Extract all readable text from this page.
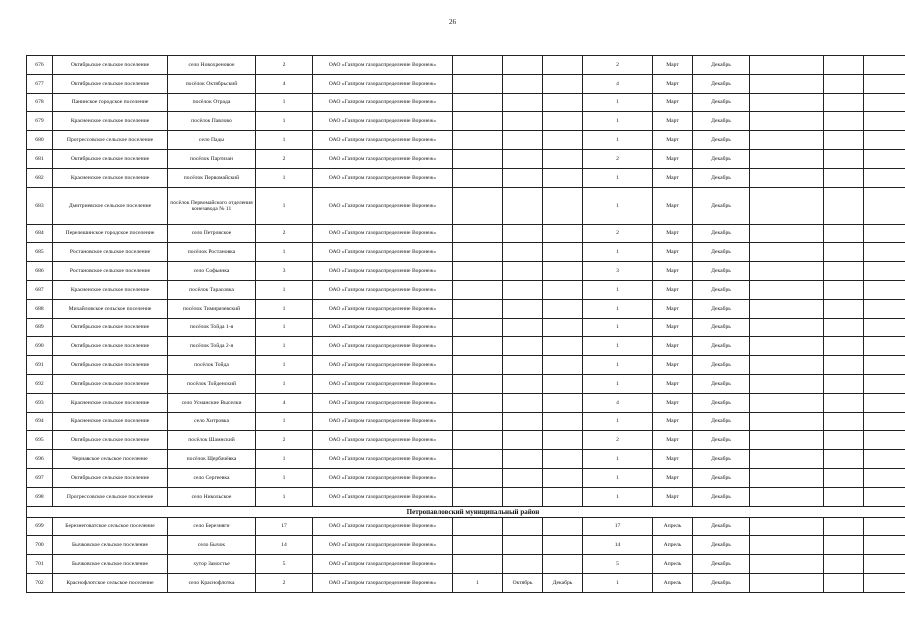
26
676	Октябрьское сельское поселение	село Новохреновое	2	ОАО «Газпром газораспределение Воронеж»				2	Март	Декабрь			
677	Октябрьское сельское поселение	посёлок Октябрьский	4	ОАО «Газпром газораспределение Воронеж»				4	Март	Декабрь			
678	Панинское городское поселение	посёлок Отрада	1	ОАО «Газпром газораспределение Воронеж»				1	Март	Декабрь			
679	Красненское сельское поселение	посёлок Павлово	1	ОАО «Газпром газораспределение Воронеж»				1	Март	Декабрь			
680	Прогрессовское сельское поселение	село Пады	1	ОАО «Газпром газораспределение Воронеж»				1	Март	Декабрь			
681	Октябрьское сельское поселение	посёлок Партизан	2	ОАО «Газпром газораспределение Воронеж»				2	Март	Декабрь			
682	Красненское сельское поселение	посёлок Первомайский	1	ОАО «Газпром газораспределение Воронеж»				1	Март	Декабрь			
683	Дмитриевское сельское поселение	посёлок Первомайского отделения конезавода № 11	1	ОАО «Газпром газораспределение Воронеж»				1	Март	Декабрь			
684	Перелешинское городское поселение	село Петровское	2	ОАО «Газпром газораспределение Воронеж»				2	Март	Декабрь			
685	Ростановское сельское поселение	посёлок Ростановка	1	ОАО «Газпром газораспределение Воронеж»				1	Март	Декабрь			
686	Ростановское сельское поселение	село Софьинка	3	ОАО «Газпром газораспределение Воронеж»				3	Март	Декабрь			
687	Красненское сельское поселение	посёлок Тарасовка	1	ОАО «Газпром газораспределение Воронеж»				1	Март	Декабрь			
688	Михайловское сельское поселение	посёлок Тимирязевский	1	ОАО «Газпром газораспределение Воронеж»				1	Март	Декабрь			
689	Октябрьское сельское поселение	посёлок Тойда 1-я	1	ОАО «Газпром газораспределение Воронеж»				1	Март	Декабрь			
690	Октябрьское сельское поселение	посёлок Тойда 2-я	1	ОАО «Газпром газораспределение Воронеж»				1	Март	Декабрь			
691	Октябрьское сельское поселение	посёлок Тойда	1	ОАО «Газпром газораспределение Воронеж»				1	Март	Декабрь			
692	Октябрьское сельское поселение	посёлок Тойденский	1	ОАО «Газпром газораспределение Воронеж»				1	Март	Декабрь			
693	Красненское сельское поселение	село Усманские Выселки	4	ОАО «Газпром газораспределение Воронеж»				4	Март	Декабрь			
694	Красненское сельское поселение	село Хитровка	1	ОАО «Газпром газораспределение Воронеж»				1	Март	Декабрь			
695	Октябрьское сельское поселение	посёлок Шамнский	2	ОАО «Газпром газораспределение Воронеж»				2	Март	Декабрь			
696	Чернавское сельское поселение	посёлок Щербачёвка	1	ОАО «Газпром газораспределение Воронеж»				1	Март	Декабрь			
697	Октябрьское сельское поселение	село Сергеевка	1	ОАО «Газпром газораспределение Воронеж»				1	Март	Декабрь			
698	Прогрессовское сельское поселение	село Никольское	1	ОАО «Газпром газораспределение Воронеж»				1	Март	Декабрь			
Петропавловский муниципальный район													
699	Березнеговатское сельское поселение	село Березняги	17	ОАО «Газпром газораспределение Воронеж»				17	Апрель	Декабрь			
700	Бычковское сельское поселение	село Бычок	14	ОАО «Газпром газораспределение Воронеж»				14	Апрель	Декабрь			
701	Бычковское сельское поселение	хутор Замостье	5	ОАО «Газпром газораспределение Воронеж»				5	Апрель	Декабрь			
702	Краснофлотское сельское поселение	село Краснофлотка	2	ОАО «Газпром газораспределение Воронеж»	1	Октябрь	Декабрь	1	Апрель	Декабрь			
